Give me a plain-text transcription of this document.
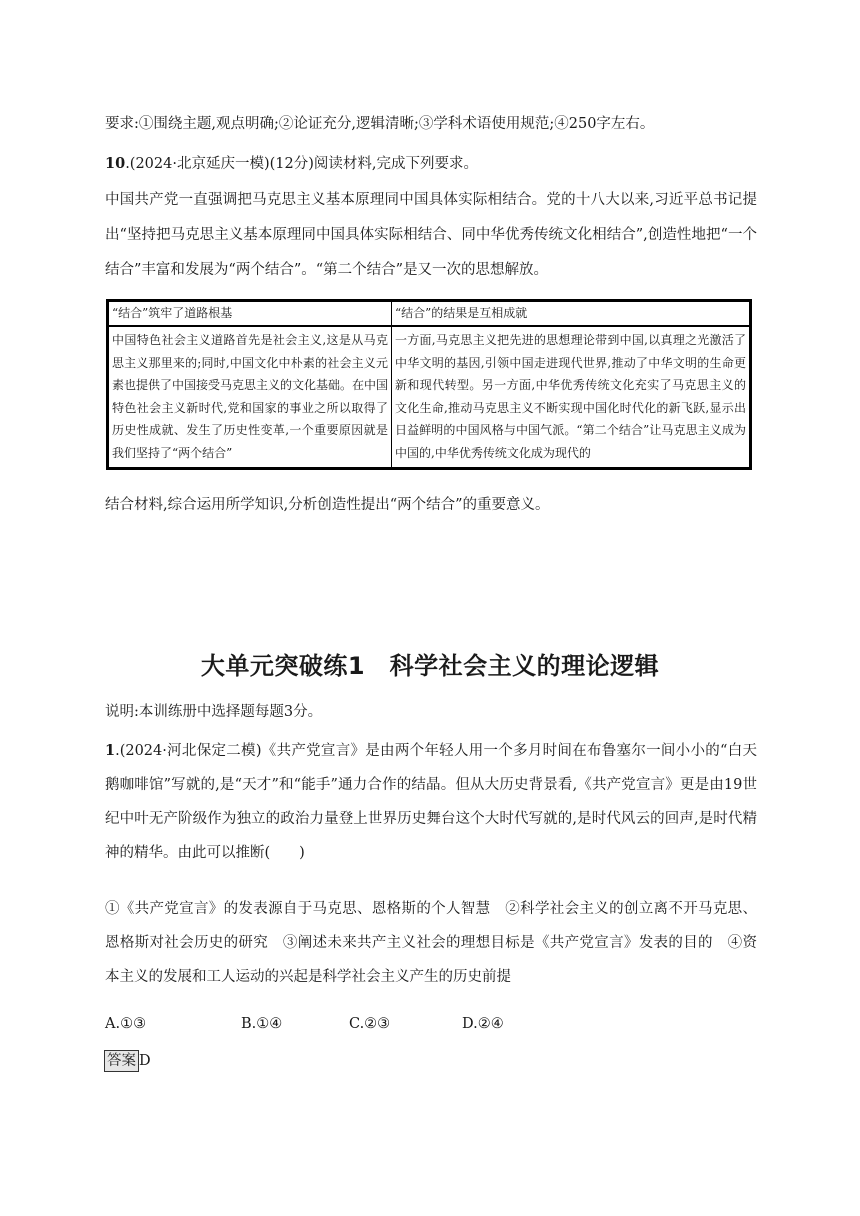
要求:①围绕主题,观点明确;②论证充分,逻辑清晰;③学科术语使用规范;④250字左右。

10.(2024·北京延庆一模)(12分)阅读材料,完成下列要求。

中国共产党一直强调把马克思主义基本原理同中国具体实际相结合。党的十八大以来,习近平总书记提出“坚持把马克思主义基本原理同中国具体实际相结合、同中华优秀传统文化相结合”,创造性地把“一个结合”丰富和发展为“两个结合”。“第二个结合”是又一次的思想解放。

“结合”筑牢了道路根基	“结合”的结果是互相成就

中国特色社会主义道路首先是社会主义,这是从马克思主义那里来的;同时,中国文化中朴素的社会主义元素也提供了中国接受马克思主义的文化基础。在中国特色社会主义新时代,党和国家的事业之所以取得了历史性成就、发生了历史性变革,一个重要原因就是我们坚持了“两个结合”	一方面,马克思主义把先进的思想理论带到中国,以真理之光激活了中华文明的基因,引领中国走进现代世界,推动了中华文明的生命更新和现代转型。另一方面,中华优秀传统文化充实了马克思主义的文化生命,推动马克思主义不断实现中国化时代化的新飞跃,显示出日益鲜明的中国风格与中国气派。“第二个结合”让马克思主义成为中国的,中华优秀传统文化成为现代的

结合材料,综合运用所学知识,分析创造性提出“两个结合”的重要意义。

大单元突破练1　科学社会主义的理论逻辑

说明:本训练册中选择题每题3分。

1.(2024·河北保定二模)《共产党宣言》是由两个年轻人用一个多月时间在布鲁塞尔一间小小的“白天鹅咖啡馆”写就的,是“天才”和“能手”通力合作的结晶。但从大历史背景看,《共产党宣言》更是由19世纪中叶无产阶级作为独立的政治力量登上世界历史舞台这个大时代写就的,是时代风云的回声,是时代精神的精华。由此可以推断(　　)

①《共产党宣言》的发表源自于马克思、恩格斯的个人智慧　②科学社会主义的创立离不开马克思、恩格斯对社会历史的研究　③阐述未来共产主义社会的理想目标是《共产党宣言》发表的目的　④资本主义的发展和工人运动的兴起是科学社会主义产生的历史前提

A.①③	B.①④	C.②③	D.②④
答案 D
